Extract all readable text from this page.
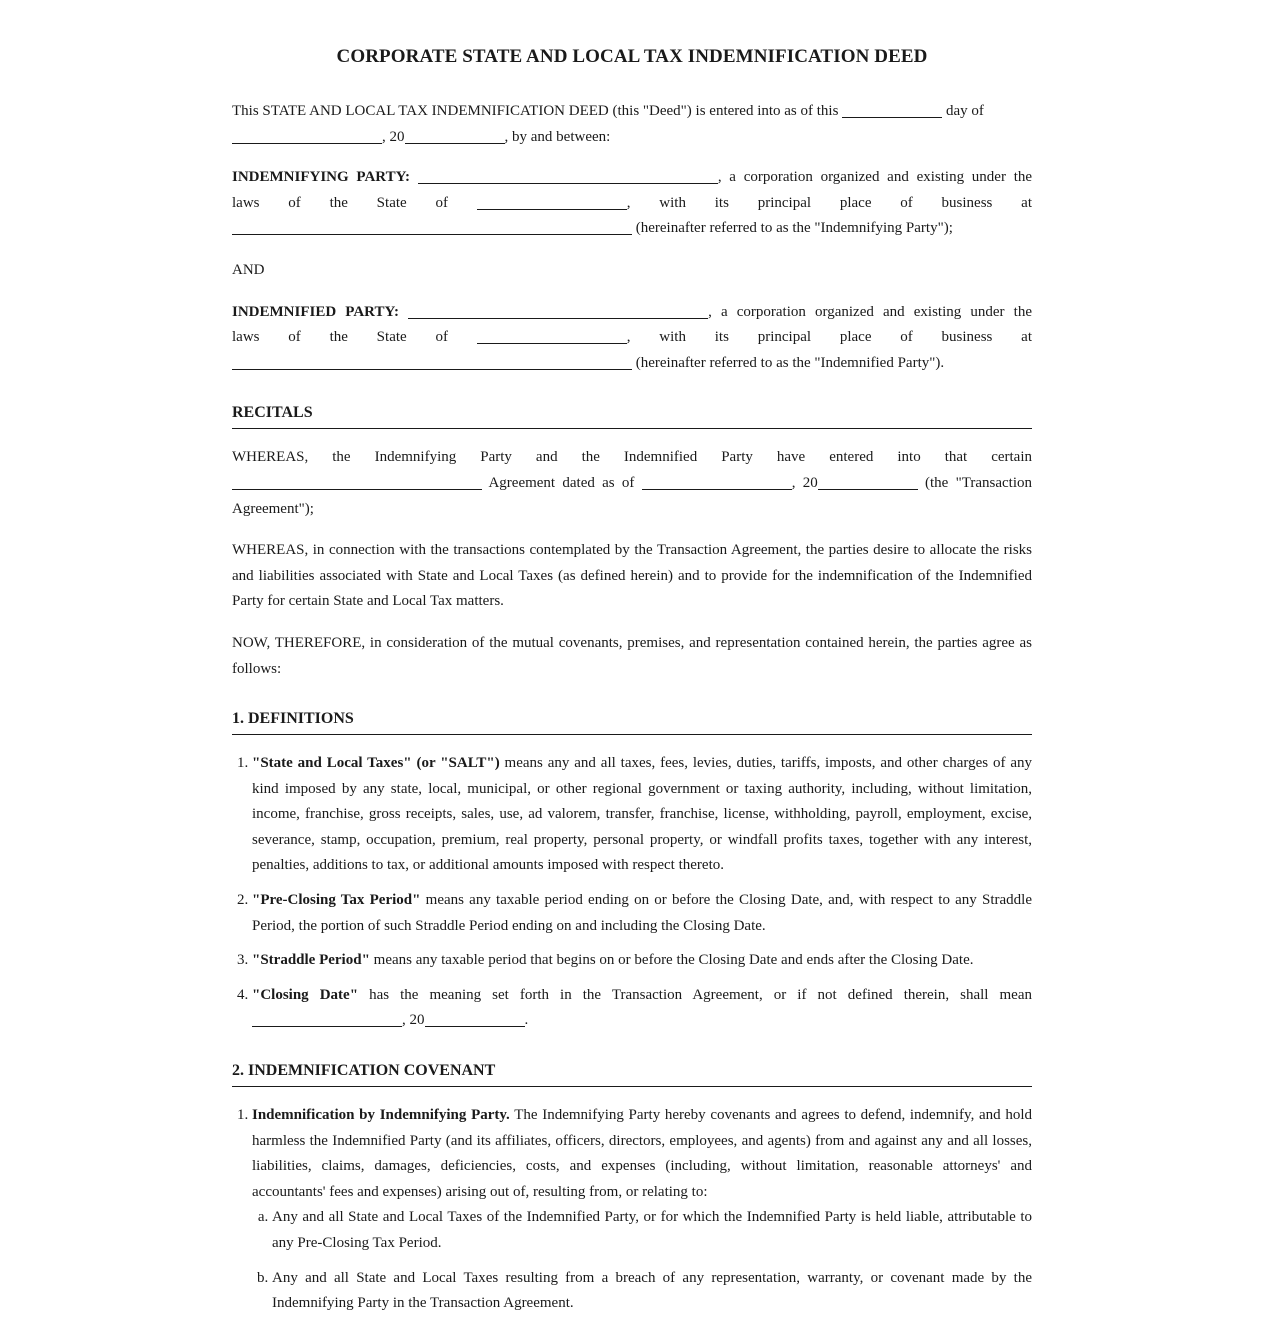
CORPORATE STATE AND LOCAL TAX INDEMNIFICATION DEED

This STATE AND LOCAL TAX INDEMNIFICATION DEED (this "Deed") is entered into as of this	day of
, 20	, by and between:

INDEMNIFYING PARTY:	, a corporation organized and existing under the
laws of the State of	, with its principal place of business at
(hereinafter referred to as the "Indemnifying Party");

AND

INDEMNIFIED PARTY:	, a corporation organized and existing under the
laws of the State of	, with its principal place of business at
(hereinafter referred to as the "Indemnified Party").

RECITALS

WHEREAS, the Indemnifying Party and the Indemnified Party have entered into that certain
Agreement dated as of	, 20	(the "Transaction
Agreement");

WHEREAS, in connection with the transactions contemplated by the Transaction Agreement, the parties desire to allocate the risks and liabilities associated with State and Local Taxes (as defined herein) and to provide for the indemnification of the Indemnified Party for certain State and Local Tax matters.

NOW, THEREFORE, in consideration of the mutual covenants, premises, and representation contained herein, the parties agree as follows:

1. DEFINITIONS
1. "State and Local Taxes" (or "SALT") means any and all taxes, fees, levies, duties, tariffs, imposts, and other charges of any kind imposed by any state, local, municipal, or other regional government or taxing authority, including, without limitation, income, franchise, gross receipts, sales, use, ad valorem, transfer, franchise, license, withholding, payroll, employment, excise, severance, stamp, occupation, premium, real property, personal property, or windfall profits taxes, together with any interest, penalties, additions to tax, or additional amounts imposed with respect thereto.
2. "Pre-Closing Tax Period" means any taxable period ending on or before the Closing Date, and, with respect to any Straddle Period, the portion of such Straddle Period ending on and including the Closing Date.
3. "Straddle Period" means any taxable period that begins on or before the Closing Date and ends after the Closing Date.
4. "Closing Date" has the meaning set forth in the Transaction Agreement, or if not defined therein, shall mean
, 20	.
2. INDEMNIFICATION COVENANT
1. Indemnification by Indemnifying Party. The Indemnifying Party hereby covenants and agrees to defend, indemnify, and hold harmless the Indemnified Party (and its affiliates, officers, directors, employees, and agents) from and against any and all losses, liabilities, claims, damages, deficiencies, costs, and expenses (including, without limitation, reasonable attorneys' and accountants' fees and expenses) arising out of, resulting from, or relating to:
a. Any and all State and Local Taxes of the Indemnified Party, or for which the Indemnified Party is held liable, attributable to any Pre-Closing Tax Period.
b. Any and all State and Local Taxes resulting from a breach of any representation, warranty, or covenant made by the Indemnifying Party in the Transaction Agreement.
